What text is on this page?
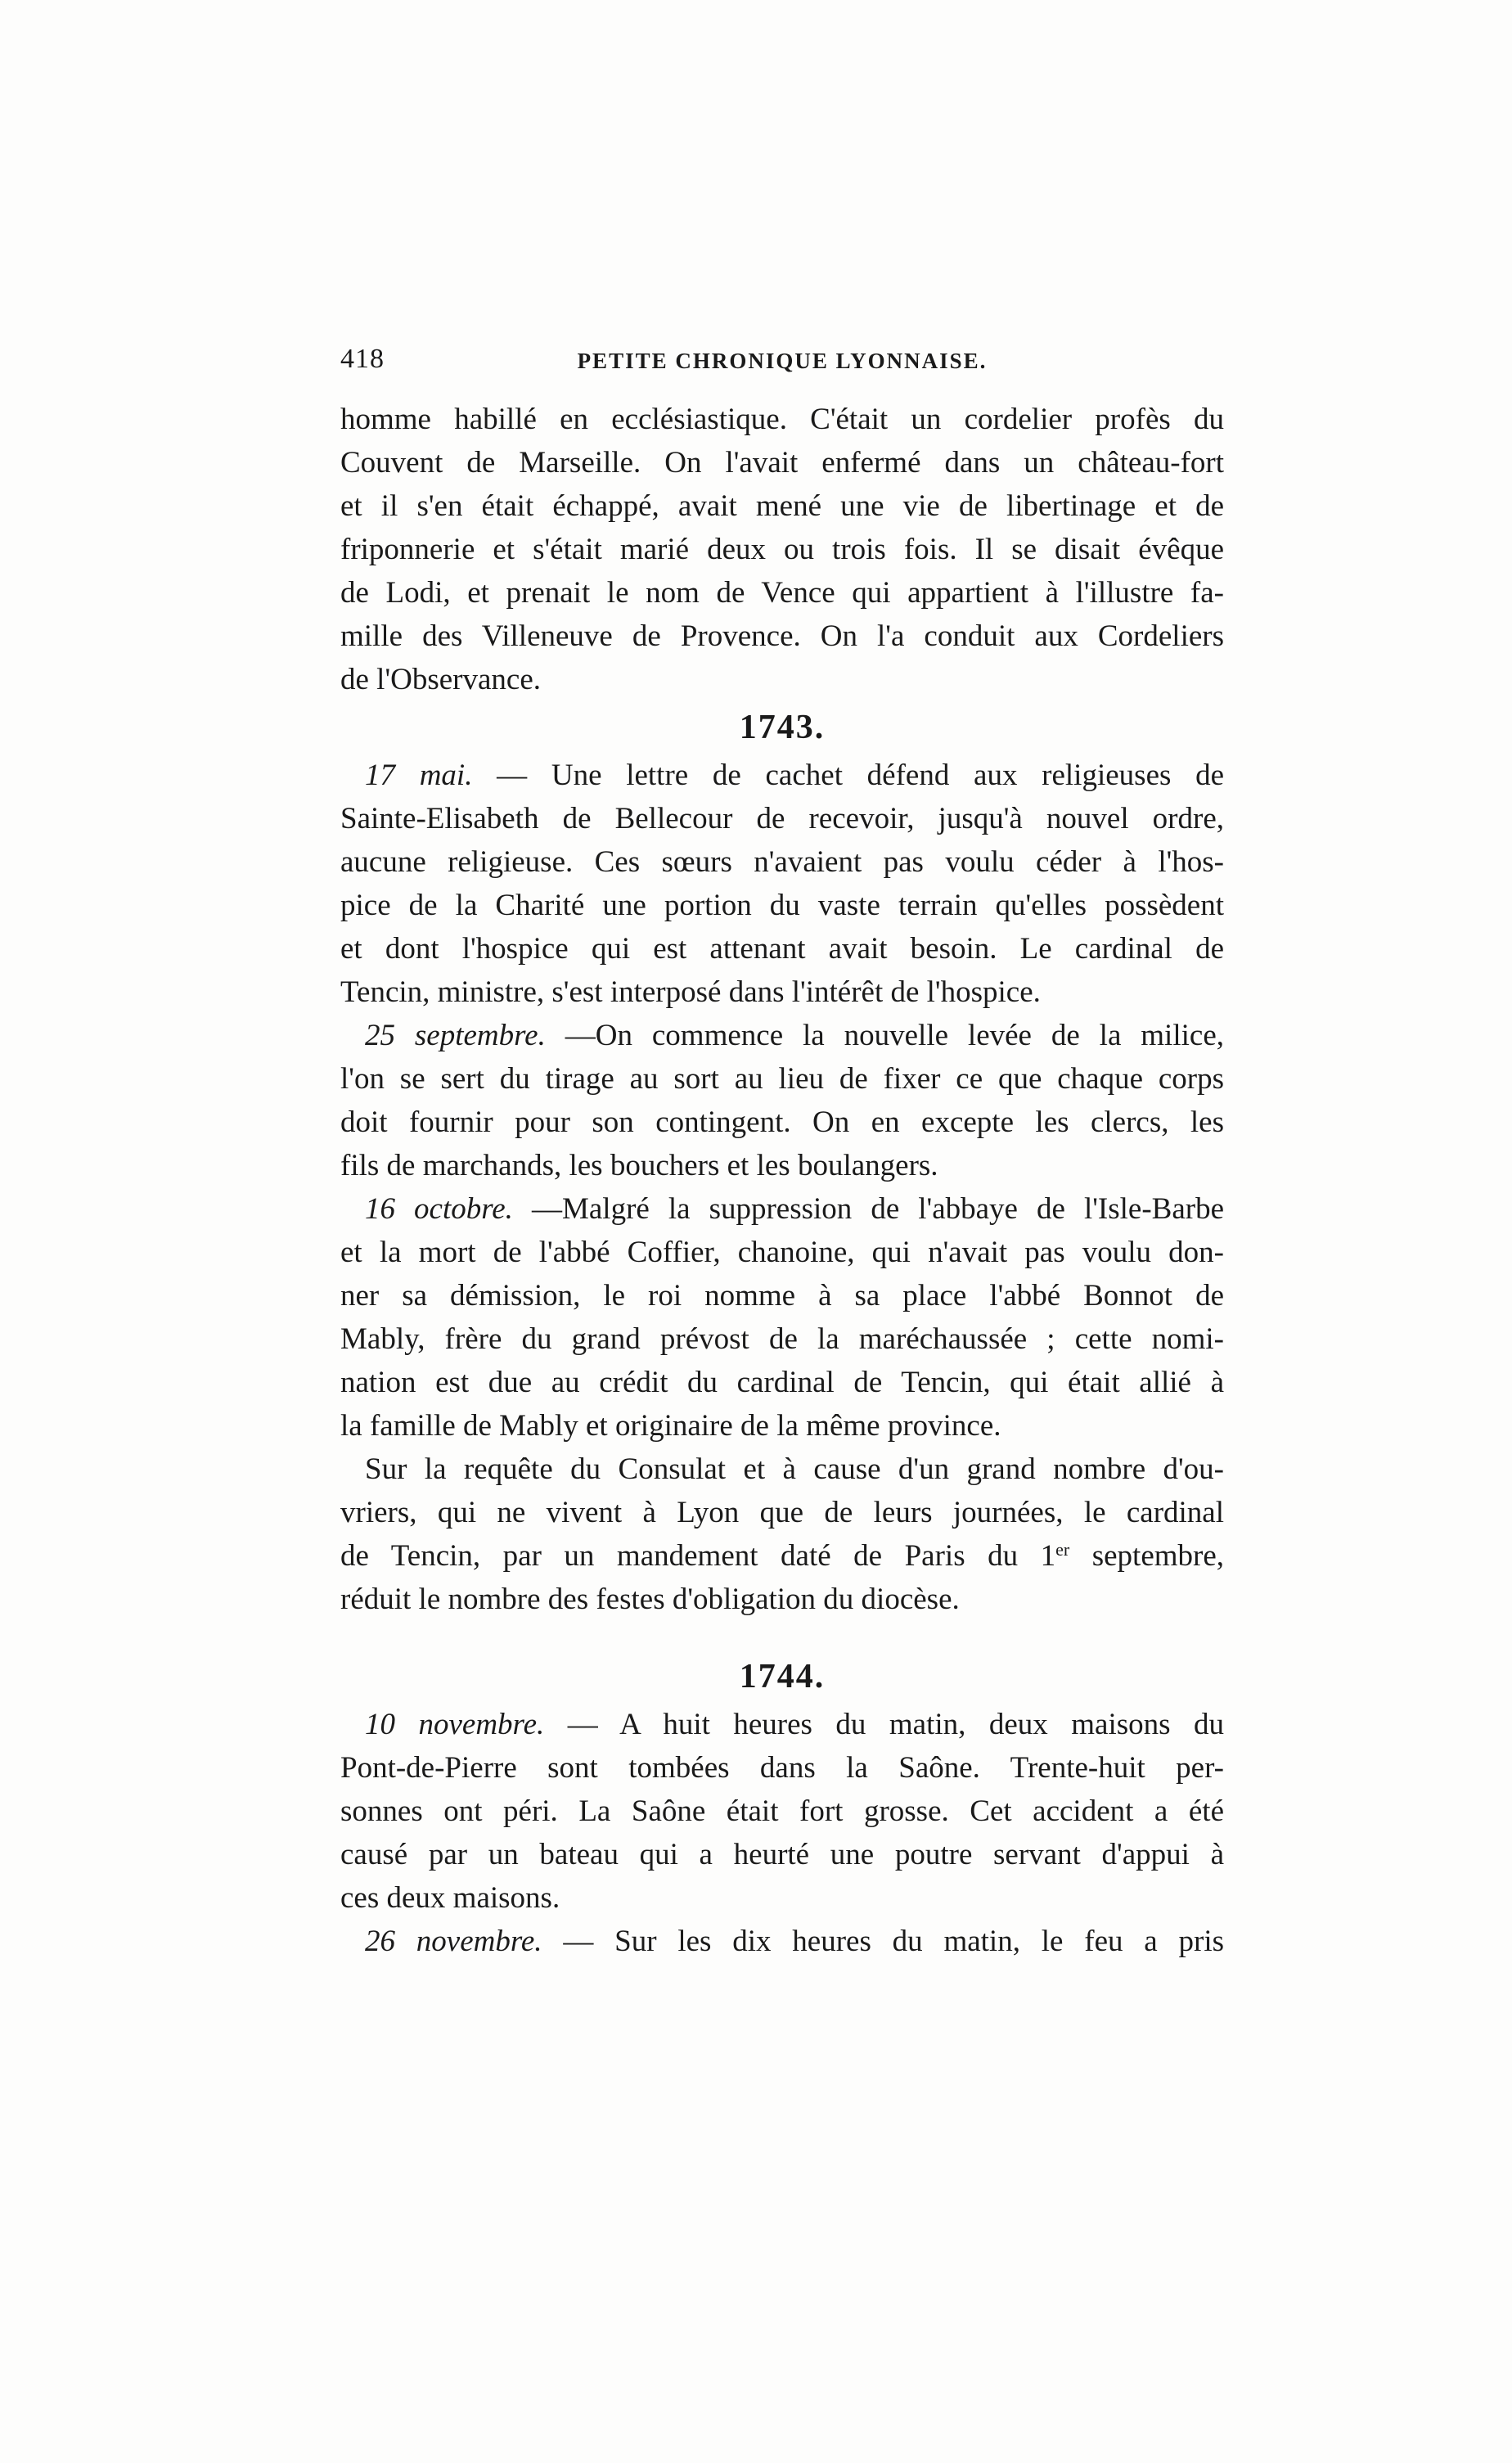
418	PETITE CHRONIQUE LYONNAISE.
homme habillé en ecclésiastique. C'était un cordelier profès du
Couvent de Marseille. On l'avait enfermé dans un château-fort
et il s'en était échappé, avait mené une vie de libertinage et de
friponnerie et s'était marié deux ou trois fois. Il se disait évêque
de Lodi, et prenait le nom de Vence qui appartient à l'illustre fa-
mille des Villeneuve de Provence. On l'a conduit aux Cordeliers
de l'Observance.
1743.
17 mai. — Une lettre de cachet défend aux religieuses de
Sainte-Elisabeth de Bellecour de recevoir, jusqu'à nouvel ordre,
aucune religieuse. Ces sœurs n'avaient pas voulu céder à l'hos-
pice de la Charité une portion du vaste terrain qu'elles possèdent
et dont l'hospice qui est attenant avait besoin. Le cardinal de
Tencin, ministre, s'est interposé dans l'intérêt de l'hospice.
25 septembre. —On commence la nouvelle levée de la milice,
l'on se sert du tirage au sort au lieu de fixer ce que chaque corps
doit fournir pour son contingent. On en excepte les clercs, les
fils de marchands, les bouchers et les boulangers.
16 octobre. —Malgré la suppression de l'abbaye de l'Isle-Barbe
et la mort de l'abbé Coffier, chanoine, qui n'avait pas voulu don-
ner sa démission, le roi nomme à sa place l'abbé Bonnot de
Mably, frère du grand prévost de la maréchaussée ; cette nomi-
nation est due au crédit du cardinal de Tencin, qui était allié à
la famille de Mably et originaire de la même province.
Sur la requête du Consulat et à cause d'un grand nombre d'ou-
vriers, qui ne vivent à Lyon que de leurs journées, le cardinal
de Tencin, par un mandement daté de Paris du 1er septembre,
réduit le nombre des festes d'obligation du diocèse.
1744.
10 novembre. — A huit heures du matin, deux maisons du
Pont-de-Pierre sont tombées dans la Saône. Trente-huit per-
sonnes ont péri. La Saône était fort grosse. Cet accident a été
causé par un bateau qui a heurté une poutre servant d'appui à
ces deux maisons.
26 novembre. — Sur les dix heures du matin, le feu a pris
